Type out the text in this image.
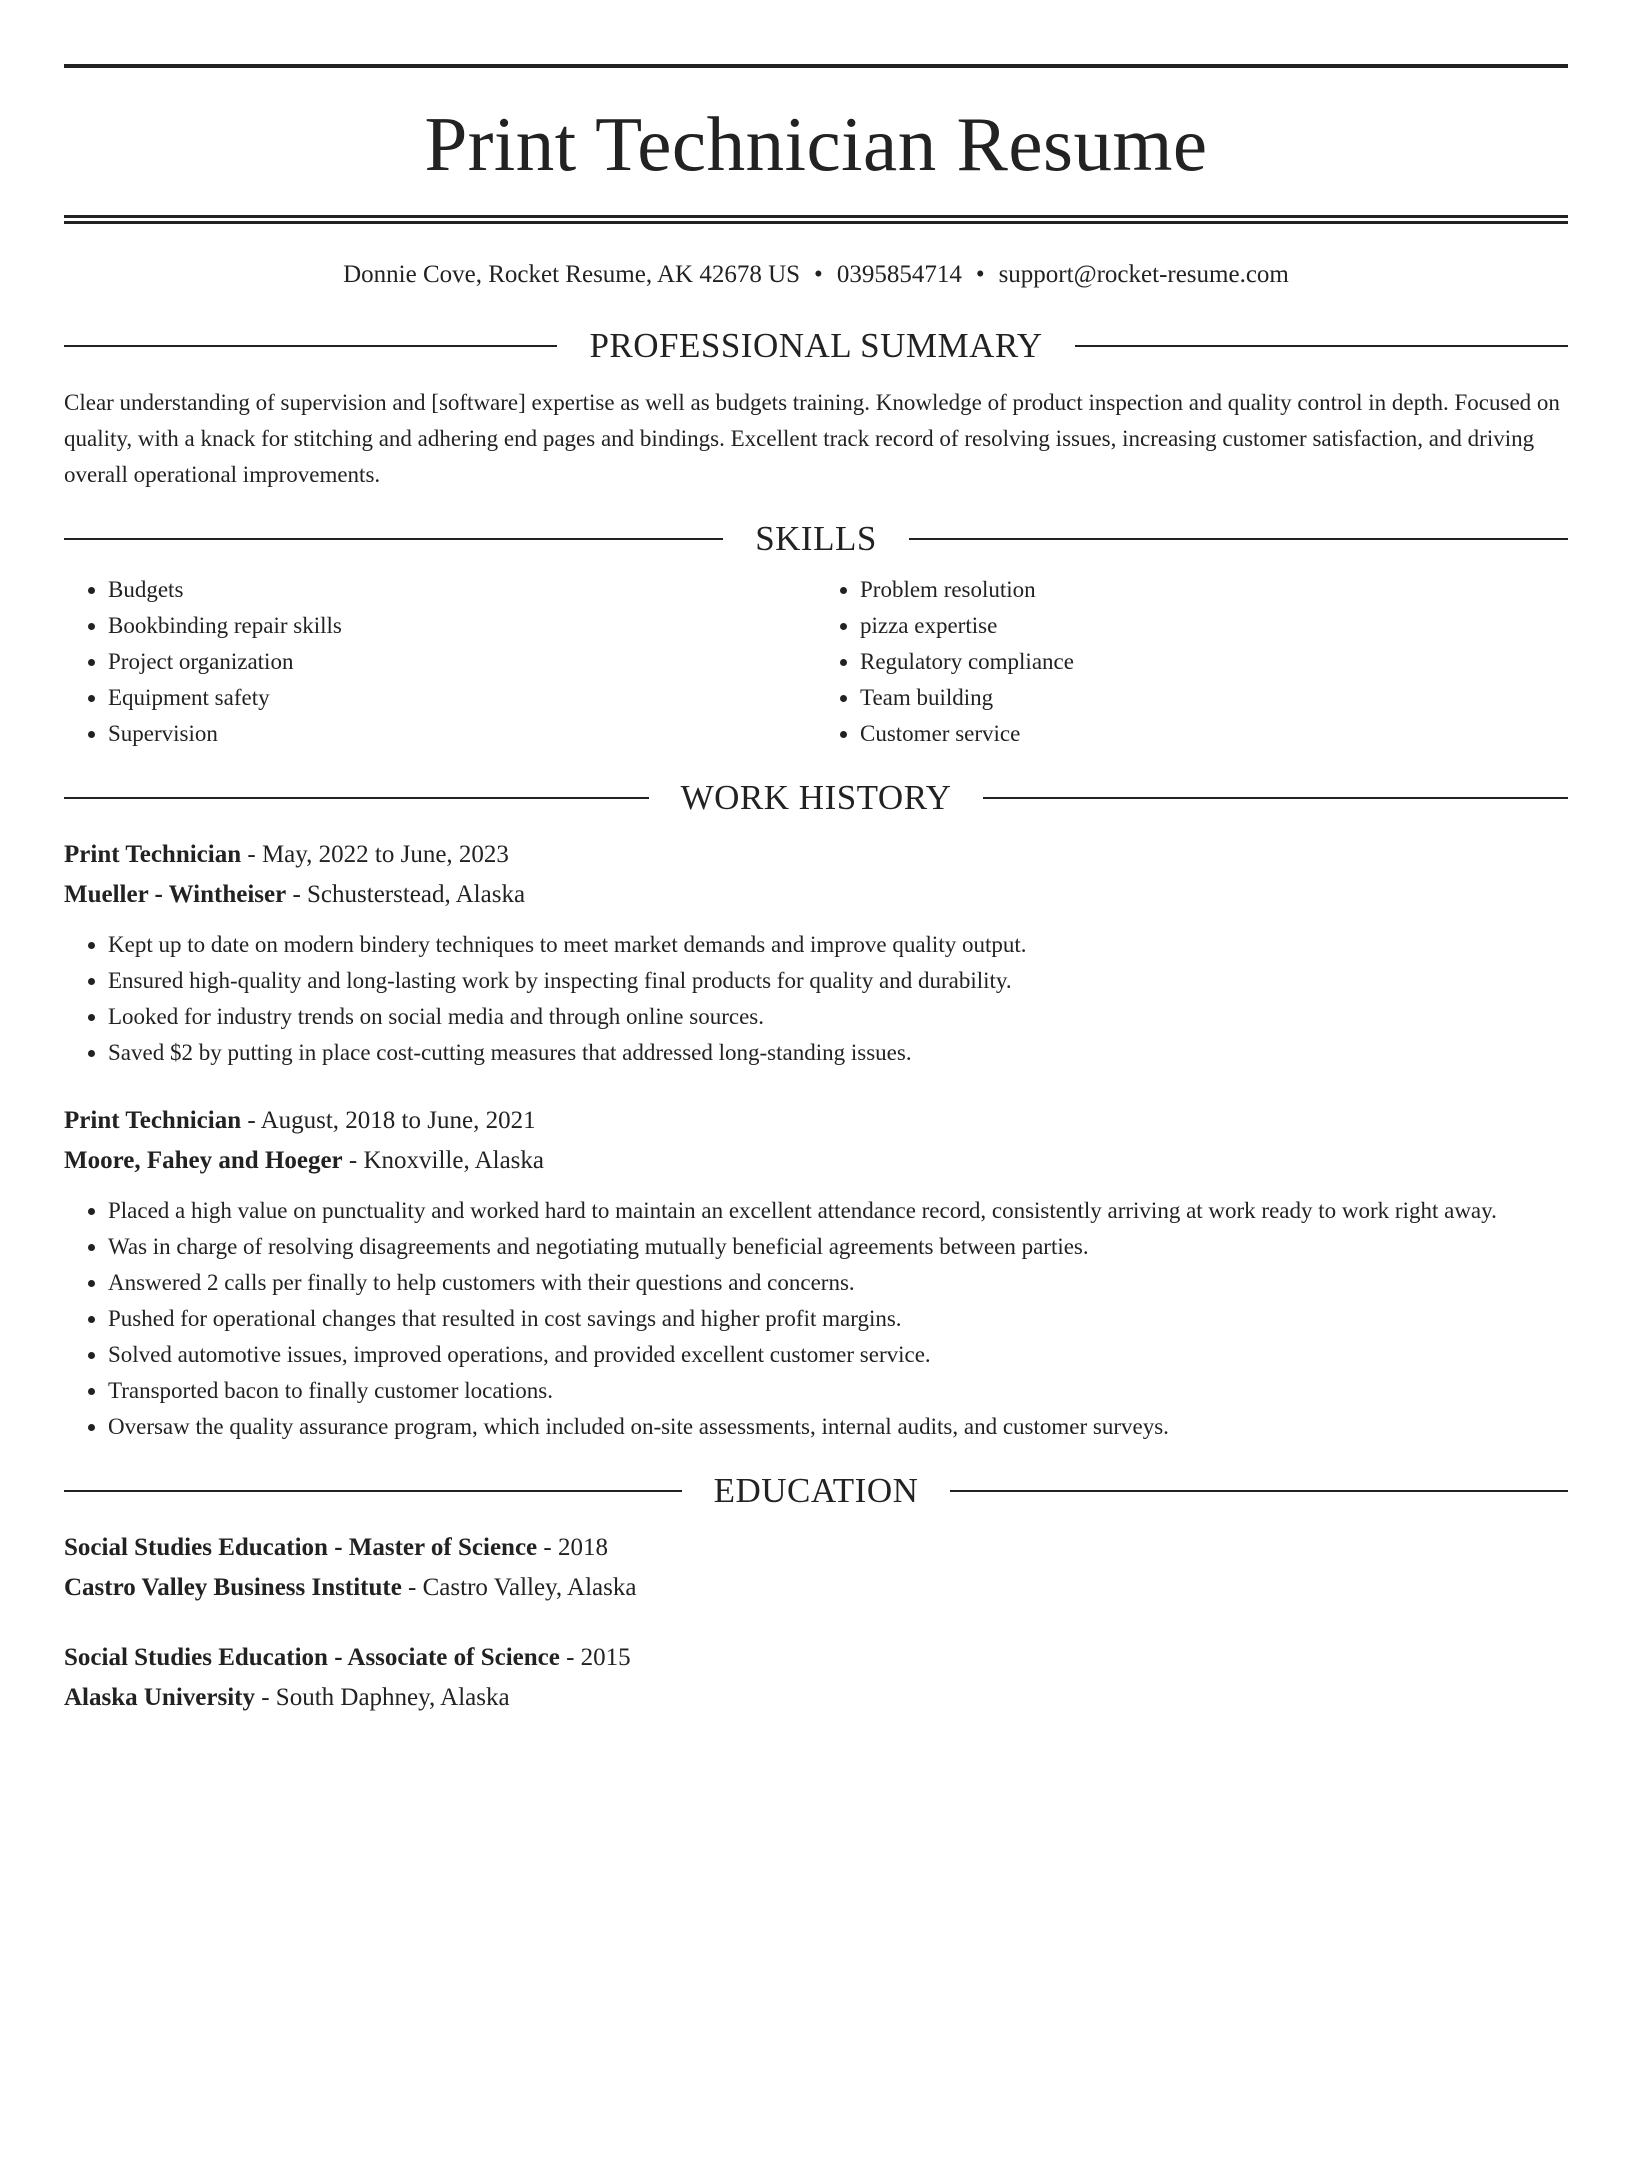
Print Technician Resume
Donnie Cove, Rocket Resume, AK 42678 US • 0395854714 • support@rocket-resume.com
PROFESSIONAL SUMMARY

Clear understanding of supervision and [software] expertise as well as budgets training. Knowledge of product inspection and quality control in depth. Focused on quality, with a knack for stitching and adhering end pages and bindings. Excellent track record of resolving issues, increasing customer satisfaction, and driving overall operational improvements.

SKILLS
• Budgets
• Bookbinding repair skills
• Project organization
• Equipment safety
• Supervision
• Problem resolution
• pizza expertise
• Regulatory compliance
• Team building
• Customer service
WORK HISTORY

Print Technician - May, 2022 to June, 2023

Mueller - Wintheiser - Schusterstead, Alaska

• Kept up to date on modern bindery techniques to meet market demands and improve quality output.
• Ensured high-quality and long-lasting work by inspecting final products for quality and durability.
• Looked for industry trends on social media and through online sources.
• Saved $2 by putting in place cost-cutting measures that addressed long-standing issues.

Print Technician - August, 2018 to June, 2021

Moore, Fahey and Hoeger - Knoxville, Alaska

• Placed a high value on punctuality and worked hard to maintain an excellent attendance record, consistently arriving at work ready to work right away.
• Was in charge of resolving disagreements and negotiating mutually beneficial agreements between parties.
• Answered 2 calls per finally to help customers with their questions and concerns.
• Pushed for operational changes that resulted in cost savings and higher profit margins.
• Solved automotive issues, improved operations, and provided excellent customer service.
• Transported bacon to finally customer locations.
• Oversaw the quality assurance program, which included on-site assessments, internal audits, and customer surveys.
EDUCATION

Social Studies Education - Master of Science - 2018

Castro Valley Business Institute - Castro Valley, Alaska

Social Studies Education - Associate of Science - 2015

Alaska University - South Daphney, Alaska
